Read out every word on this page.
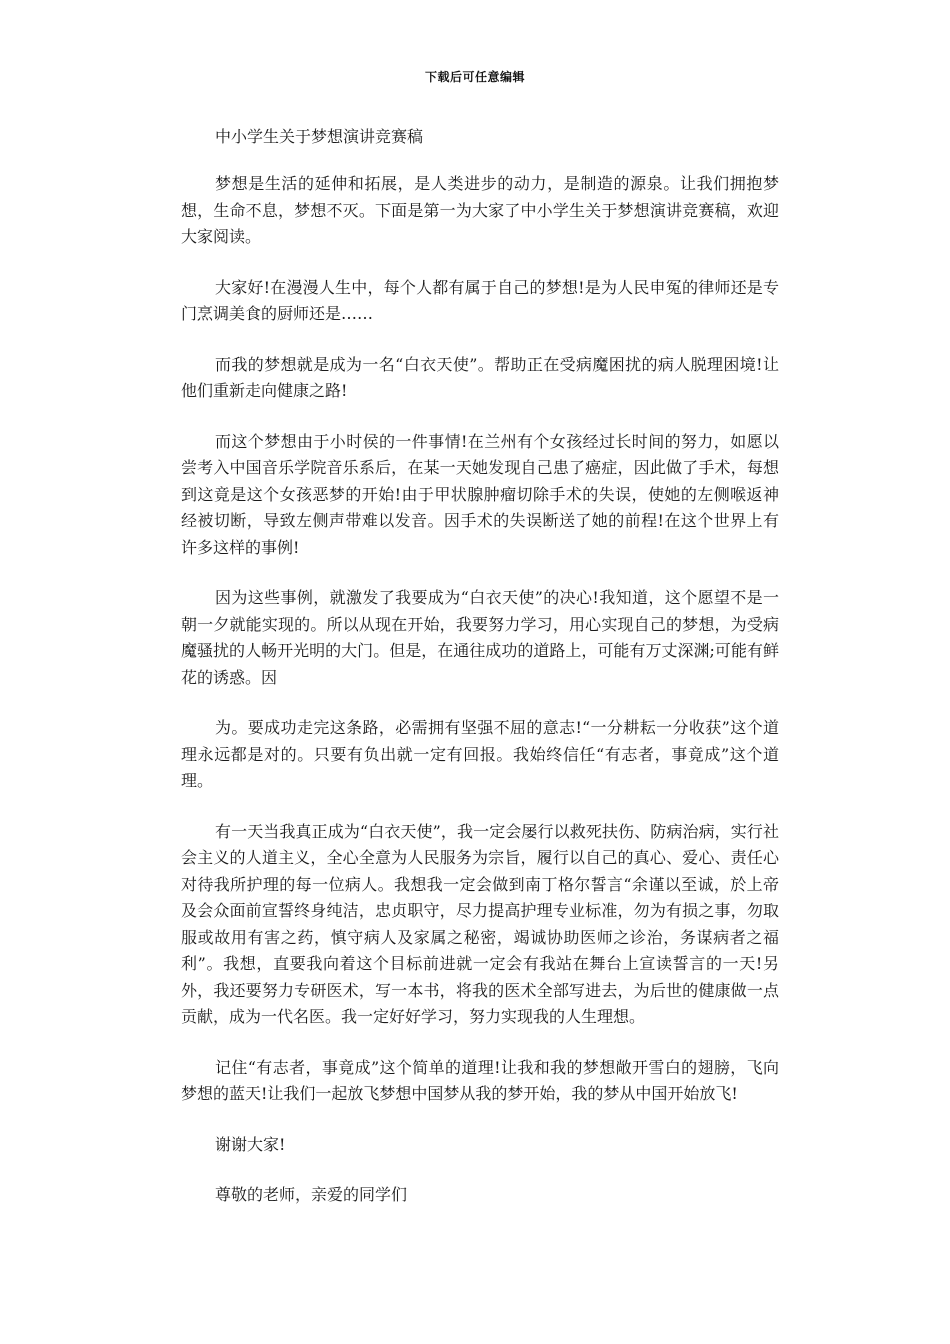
下载后可任意编辑
中小学生关于梦想演讲竞赛稿

梦想是生活的延伸和拓展，是人类进步的动力，是制造的源泉。让我们拥抱梦想，生命不息，梦想不灭。下面是第一为大家了中小学生关于梦想演讲竞赛稿，欢迎大家阅读。

大家好!在漫漫人生中，每个人都有属于自己的梦想!是为人民申冤的律师还是专门烹调美食的厨师还是……

而我的梦想就是成为一名“白衣天使”。帮助正在受病魔困扰的病人脱理困境!让他们重新走向健康之路!

而这个梦想由于小时侯的一件事情!在兰州有个女孩经过长时间的努力，如愿以尝考入中国音乐学院音乐系后，在某一天她发现自己患了癌症，因此做了手术，每想到这竟是这个女孩恶梦的开始!由于甲状腺肿瘤切除手术的失误，使她的左侧喉返神经被切断，导致左侧声带难以发音。因手术的失误断送了她的前程!在这个世界上有许多这样的事例!

因为这些事例，就激发了我要成为“白衣天使”的决心!我知道，这个愿望不是一朝一夕就能实现的。所以从现在开始，我要努力学习，用心实现自己的梦想，为受病魔骚扰的人畅开光明的大门。但是，在通往成功的道路上，可能有万丈深渊;可能有鲜花的诱惑。因

为。要成功走完这条路，必需拥有坚强不屈的意志!“一分耕耘一分收获”这个道理永远都是对的。只要有负出就一定有回报。我始终信任“有志者，事竟成”这个道理。

有一天当我真正成为“白衣天使”，我一定会屡行以救死扶伤、防病治病，实行社会主义的人道主义，全心全意为人民服务为宗旨，履行以自己的真心、爱心、责任心对待我所护理的每一位病人。我想我一定会做到南丁格尔誓言“余谨以至诚，於上帝及会众面前宣誓终身纯洁，忠贞职守，尽力提高护理专业标准，勿为有损之事，勿取服或故用有害之药，慎守病人及家属之秘密，竭诚协助医师之诊治，务谋病者之福利”。我想，直要我向着这个目标前进就一定会有我站在舞台上宣读誓言的一天!另外，我还要努力专研医术，写一本书，将我的医术全部写进去，为后世的健康做一点贡献，成为一代名医。我一定好好学习，努力实现我的人生理想。

记住“有志者，事竟成”这个简单的道理!让我和我的梦想敞开雪白的翅膀，飞向梦想的蓝天!让我们一起放飞梦想中国梦从我的梦开始，我的梦从中国开始放飞!

谢谢大家!

尊敬的老师，亲爱的同学们
